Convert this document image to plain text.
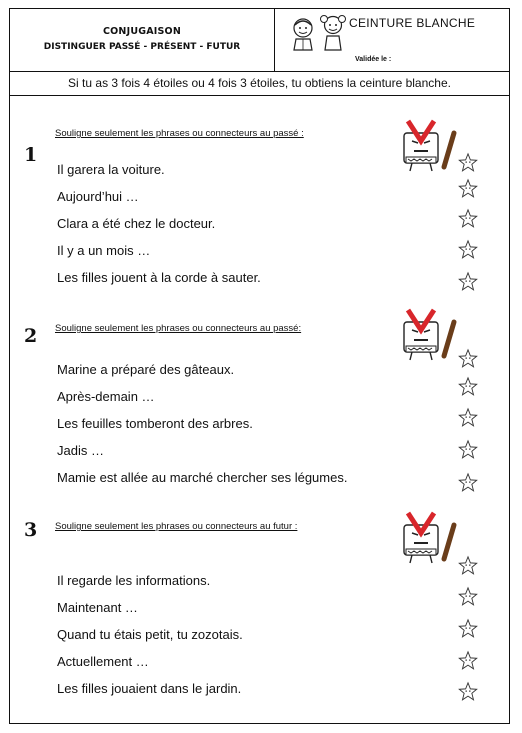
CONJUGAISON
DISTINGUER PASSÉ - PRÉSENT - FUTUR
CEINTURE BLANCHE
Validée le :
Si tu as 3 fois 4 étoiles ou 4 fois 3 étoiles, tu obtiens la ceinture blanche.
1
Souligne seulement les phrases ou connecteurs au passé :
Il garera la voiture.
Aujourd’hui …
Clara a été chez le docteur.
Il y a un mois …
Les filles jouent à la corde à sauter.
2 Souligne seulement les phrases ou connecteurs au passé:
Marine a préparé des gâteaux.
Après-demain …
Les feuilles tomberont des arbres.
Jadis …
Mamie est allée au marché chercher ses légumes.
3 Souligne seulement les phrases ou connecteurs au futur :
Il regarde les informations.
Maintenant …
Quand tu étais petit, tu zozotais.
Actuellement …
Les filles jouaient dans le jardin.
